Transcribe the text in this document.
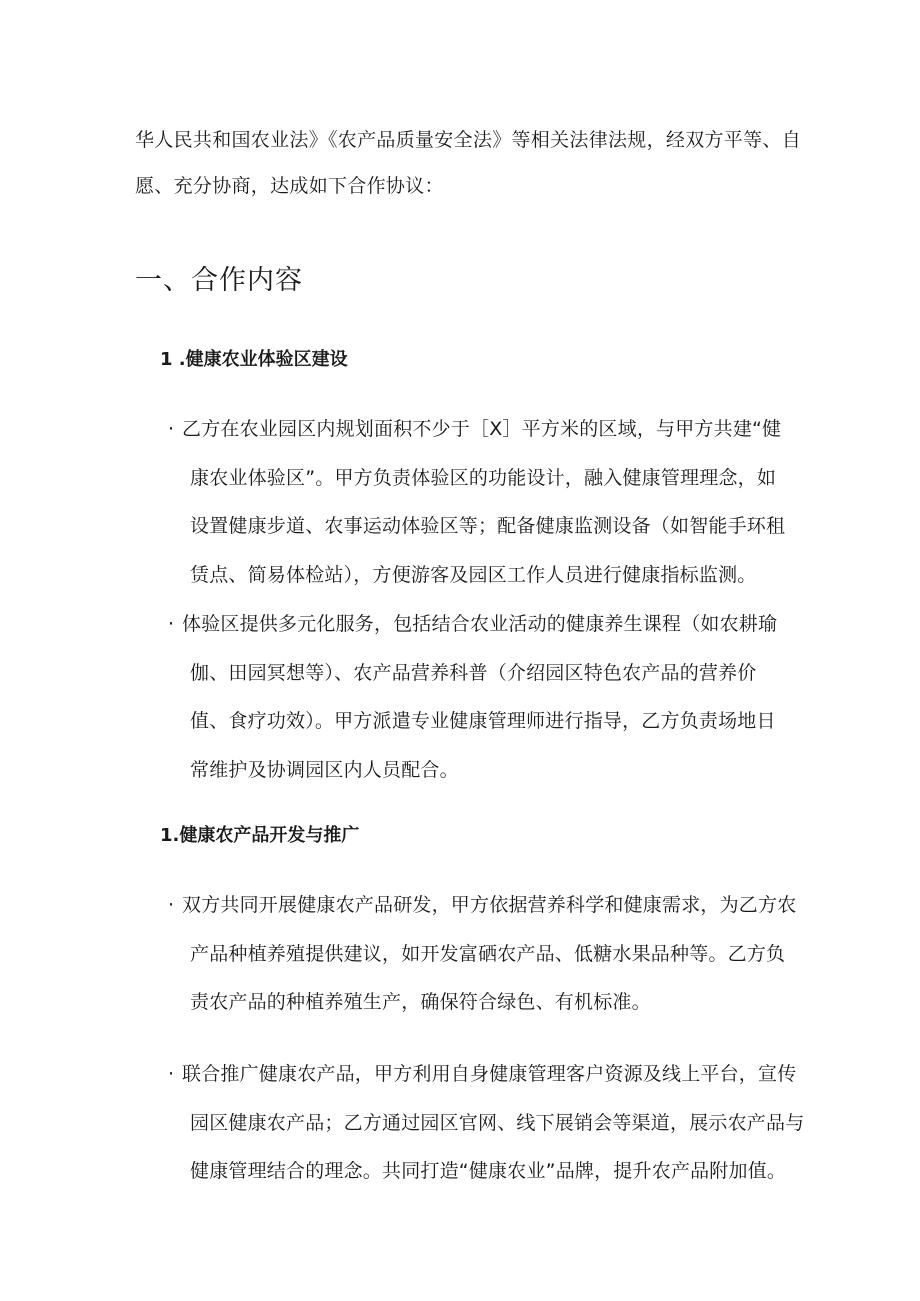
华人民共和国农业法》《农产品质量安全法》等相关法律法规，经双方平等、自
愿、充分协商，达成如下合作协议：
一、合作内容
1 .健康农业体验区建设
· 乙方在农业园区内规划面积不少于［X］平方米的区域，与甲方共建“健
康农业体验区”。甲方负责体验区的功能设计，融入健康管理理念，如
设置健康步道、农事运动体验区等；配备健康监测设备（如智能手环租
赁点、简易体检站），方便游客及园区工作人员进行健康指标监测。
· 体验区提供多元化服务，包括结合农业活动的健康养生课程（如农耕瑜
伽、田园冥想等）、农产品营养科普（介绍园区特色农产品的营养价
值、食疗功效）。甲方派遣专业健康管理师进行指导，乙方负责场地日
常维护及协调园区内人员配合。
1.健康农产品开发与推广
· 双方共同开展健康农产品研发，甲方依据营养科学和健康需求，为乙方农
产品种植养殖提供建议，如开发富硒农产品、低糖水果品种等。乙方负
责农产品的种植养殖生产，确保符合绿色、有机标准。
· 联合推广健康农产品，甲方利用自身健康管理客户资源及线上平台，宣传
园区健康农产品；乙方通过园区官网、线下展销会等渠道，展示农产品与
健康管理结合的理念。共同打造“健康农业”品牌，提升农产品附加值。
